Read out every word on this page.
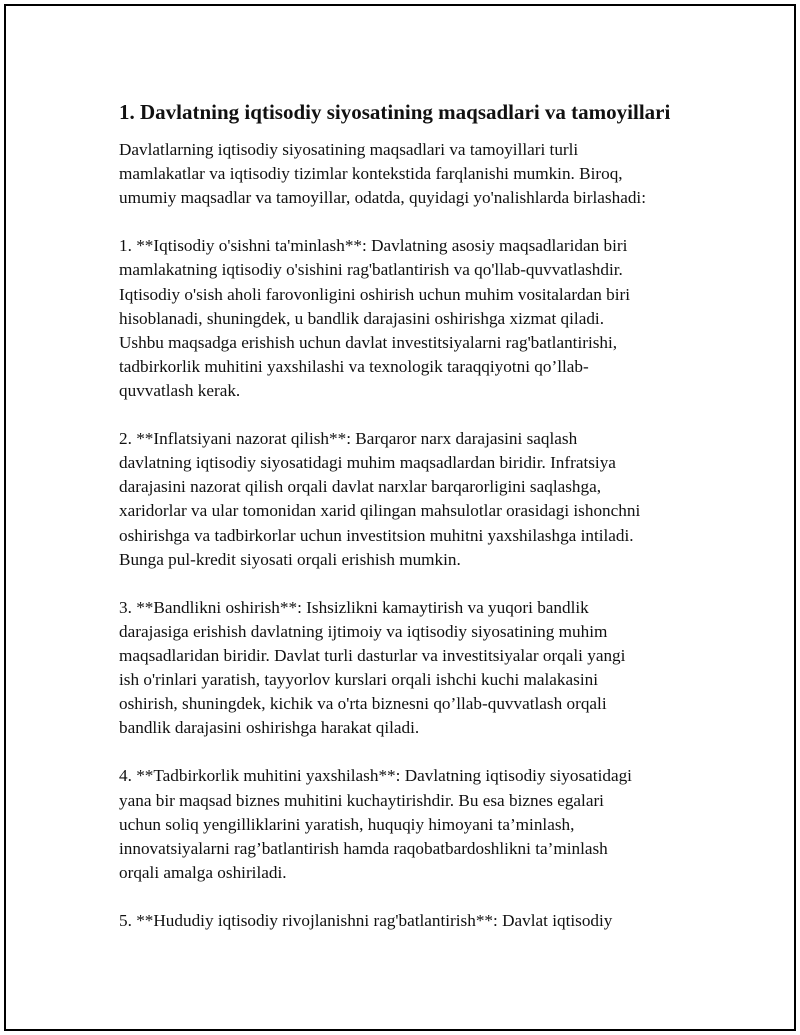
1. Davlatning iqtisodiy siyosatining maqsadlari va tamoyillari

Davlatlarning iqtisodiy siyosatining maqsadlari va tamoyillari turli
mamlakatlar va iqtisodiy tizimlar kontekstida farqlanishi mumkin. Biroq,
umumiy maqsadlar va tamoyillar, odatda, quyidagi yo'nalishlarda birlashadi:

1. **Iqtisodiy o'sishni ta'minlash**: Davlatning asosiy maqsadlaridan biri
mamlakatning iqtisodiy o'sishini rag'batlantirish va qo'llab-quvvatlashdir.
Iqtisodiy o'sish aholi farovonligini oshirish uchun muhim vositalardan biri
hisoblanadi, shuningdek, u bandlik darajasini oshirishga xizmat qiladi.
Ushbu maqsadga erishish uchun davlat investitsiyalarni rag'batlantirishi,
tadbirkorlik muhitini yaxshilashi va texnologik taraqqiyotni qo’llab-
quvvatlash kerak.

2. **Inflatsiyani nazorat qilish**: Barqaror narx darajasini saqlash
davlatning iqtisodiy siyosatidagi muhim maqsadlardan biridir. Infratsiya
darajasini nazorat qilish orqali davlat narxlar barqarorligini saqlashga,
xaridorlar va ular tomonidan xarid qilingan mahsulotlar orasidagi ishonchni
oshirishga va tadbirkorlar uchun investitsion muhitni yaxshilashga intiladi.
Bunga pul-kredit siyosati orqali erishish mumkin.

3. **Bandlikni oshirish**: Ishsizlikni kamaytirish va yuqori bandlik
darajasiga erishish davlatning ijtimoiy va iqtisodiy siyosatining muhim
maqsadlaridan biridir. Davlat turli dasturlar va investitsiyalar orqali yangi
ish o'rinlari yaratish, tayyorlov kurslari orqali ishchi kuchi malakasini
oshirish, shuningdek, kichik va o'rta biznesni qo’llab-quvvatlash orqali
bandlik darajasini oshirishga harakat qiladi.

4. **Tadbirkorlik muhitini yaxshilash**: Davlatning iqtisodiy siyosatidagi
yana bir maqsad biznes muhitini kuchaytirishdir. Bu esa biznes egalari
uchun soliq yengilliklarini yaratish, huquqiy himoyani ta’minlash,
innovatsiyalarni rag’batlantirish hamda raqobatbardoshlikni ta’minlash
orqali amalga oshiriladi.

5. **Hududiy iqtisodiy rivojlanishni rag'batlantirish**: Davlat iqtisodiy
